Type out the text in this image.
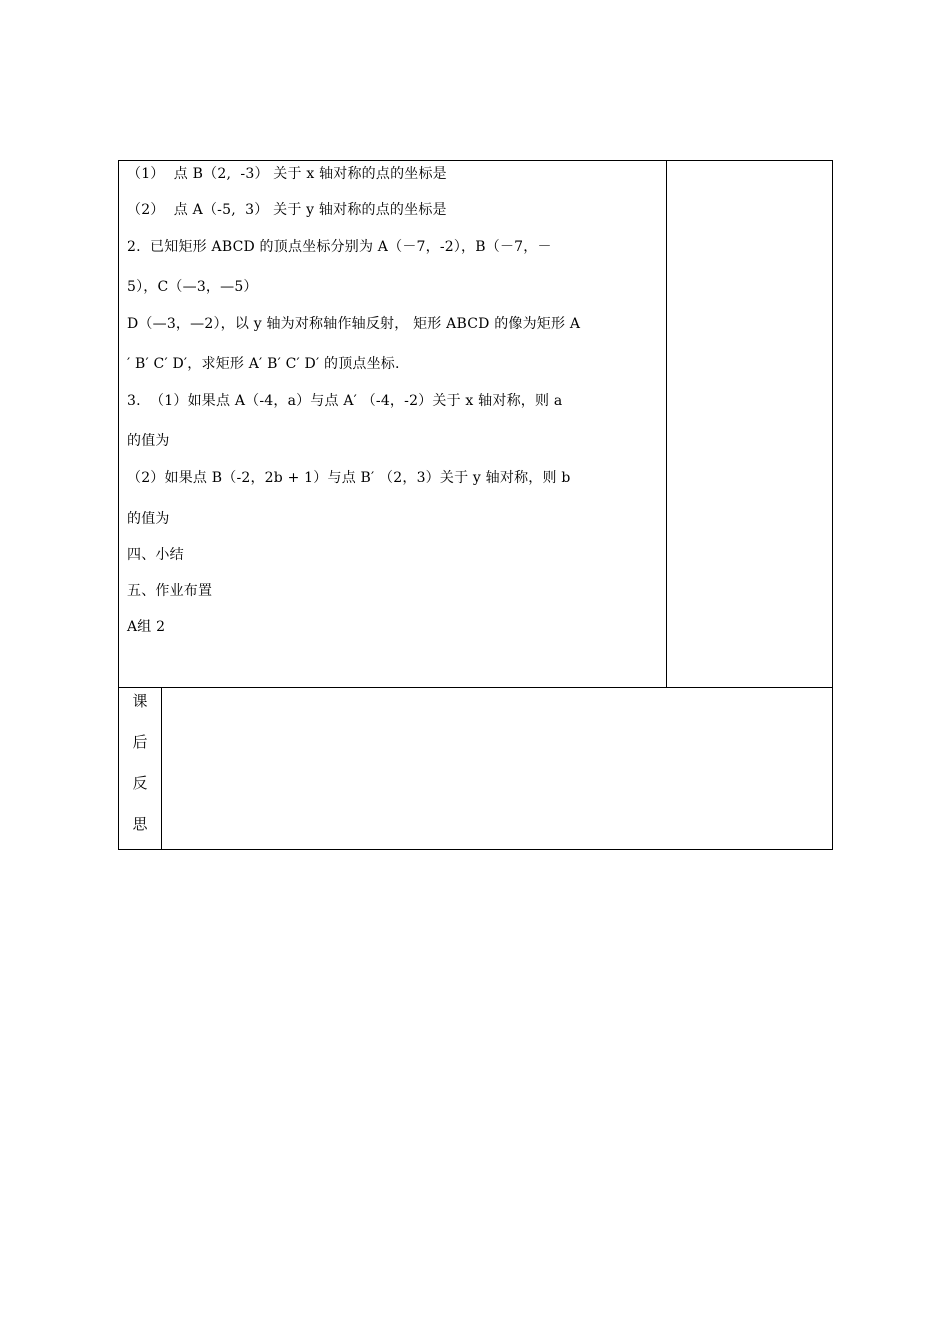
（1）  点 B（2,  -3） 关于 x 轴对称的点的坐标是
（2）  点 A（-5,  3） 关于 y 轴对称的点的坐标是
2.  已知矩形 ABCD 的顶点坐标分别为 A（－7，-2），B（－7，－
5），C（—3，—5）
D（—3，—2），以 y 轴为对称轴作轴反射， 矩形 ABCD 的像为矩形 A
′ B′ C′ D′，求矩形 A′ B′ C′ D′ 的顶点坐标.
3.  （1）如果点 A（-4，a）与点 A′ （-4，-2）关于 x 轴对称，则 a
的值为
（2）如果点 B（-2，2b + 1）与点 B′ （2，3）关于 y 轴对称，则 b
的值为
四、小结
五、作业布置
A组 2
课
后
反
思
